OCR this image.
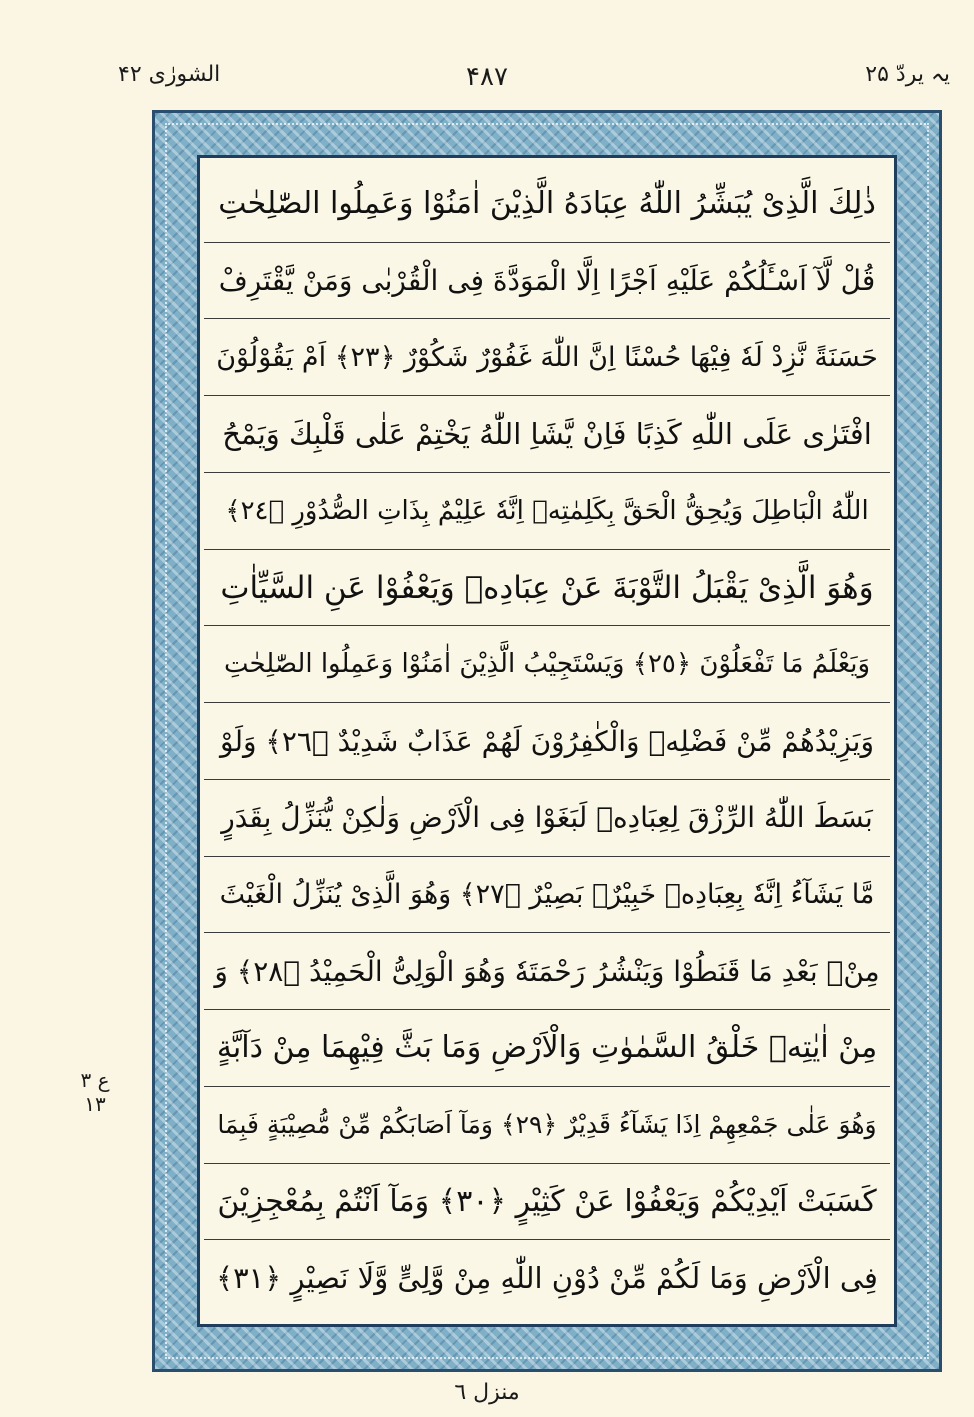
الشورٰی ۴۲	۴۸۷	یہ یردّ ۲۵
ذٰلِكَ الَّذِىْ يُبَشِّرُ اللّٰهُ عِبَادَهُ الَّذِيْنَ اٰمَنُوْا وَعَمِلُوا الصّٰلِحٰتِ
قُلْ لَّآ اَسْـَٔلُكُمْ عَلَيْهِ اَجْرًا اِلَّا الْمَوَدَّةَ فِى الْقُرْبٰى وَمَنْ يَّقْتَرِفْ
حَسَنَةً نَّزِدْ لَهٗ فِيْهَا حُسْنًا اِنَّ اللّٰهَ غَفُوْرٌ شَكُوْرٌ ﴿٢٣﴾ اَمْ يَقُوْلُوْنَ
افْتَرٰى عَلَى اللّٰهِ كَذِبًا فَاِنْ يَّشَاِ اللّٰهُ يَخْتِمْ عَلٰى قَلْبِكَ وَيَمْحُ
اللّٰهُ الْبَاطِلَ وَيُحِقُّ الْحَقَّ بِكَلِمٰتِهٖ اِنَّهٗ عَلِيْمٌ بِذَاتِ الصُّدُوْرِ ﴿٢٤﴾
وَهُوَ الَّذِىْ يَقْبَلُ التَّوْبَةَ عَنْ عِبَادِهٖ وَيَعْفُوْا عَنِ السَّيِّاٰتِ
وَيَعْلَمُ مَا تَفْعَلُوْنَ ﴿٢٥﴾ وَيَسْتَجِيْبُ الَّذِيْنَ اٰمَنُوْا وَعَمِلُوا الصّٰلِحٰتِ
وَيَزِيْدُهُمْ مِّنْ فَضْلِهٖ وَالْكٰفِرُوْنَ لَهُمْ عَذَابٌ شَدِيْدٌ ﴿٢٦﴾ وَلَوْ
بَسَطَ اللّٰهُ الرِّزْقَ لِعِبَادِهٖ لَبَغَوْا فِى الْاَرْضِ وَلٰكِنْ يُّنَزِّلُ بِقَدَرٍ
مَّا يَشَآءُ اِنَّهٗ بِعِبَادِهٖ خَبِيْرٌۢ بَصِيْرٌ ﴿٢٧﴾ وَهُوَ الَّذِىْ يُنَزِّلُ الْغَيْثَ
مِنْۢ بَعْدِ مَا قَنَطُوْا وَيَنْشُرُ رَحْمَتَهٗ وَهُوَ الْوَلِىُّ الْحَمِيْدُ ﴿٢٨﴾ وَ
مِنْ اٰيٰتِهٖ خَلْقُ السَّمٰوٰتِ وَالْاَرْضِ وَمَا بَثَّ فِيْهِمَا مِنْ دَآبَّةٍ
وَهُوَ عَلٰى جَمْعِهِمْ اِذَا يَشَآءُ قَدِيْرٌ ﴿٢٩﴾ وَمَآ اَصَابَكُمْ مِّنْ مُّصِيْبَةٍ فَبِمَا
كَسَبَتْ اَيْدِيْكُمْ وَيَعْفُوْا عَنْ كَثِيْرٍ ﴿٣٠﴾ وَمَآ اَنْتُمْ بِمُعْجِزِيْنَ
فِى الْاَرْضِ وَمَا لَكُمْ مِّنْ دُوْنِ اللّٰهِ مِنْ وَّلِىٍّ وَّلَا نَصِيْرٍ ﴿٣١﴾
ع ٣
١٣
منزل ٦
